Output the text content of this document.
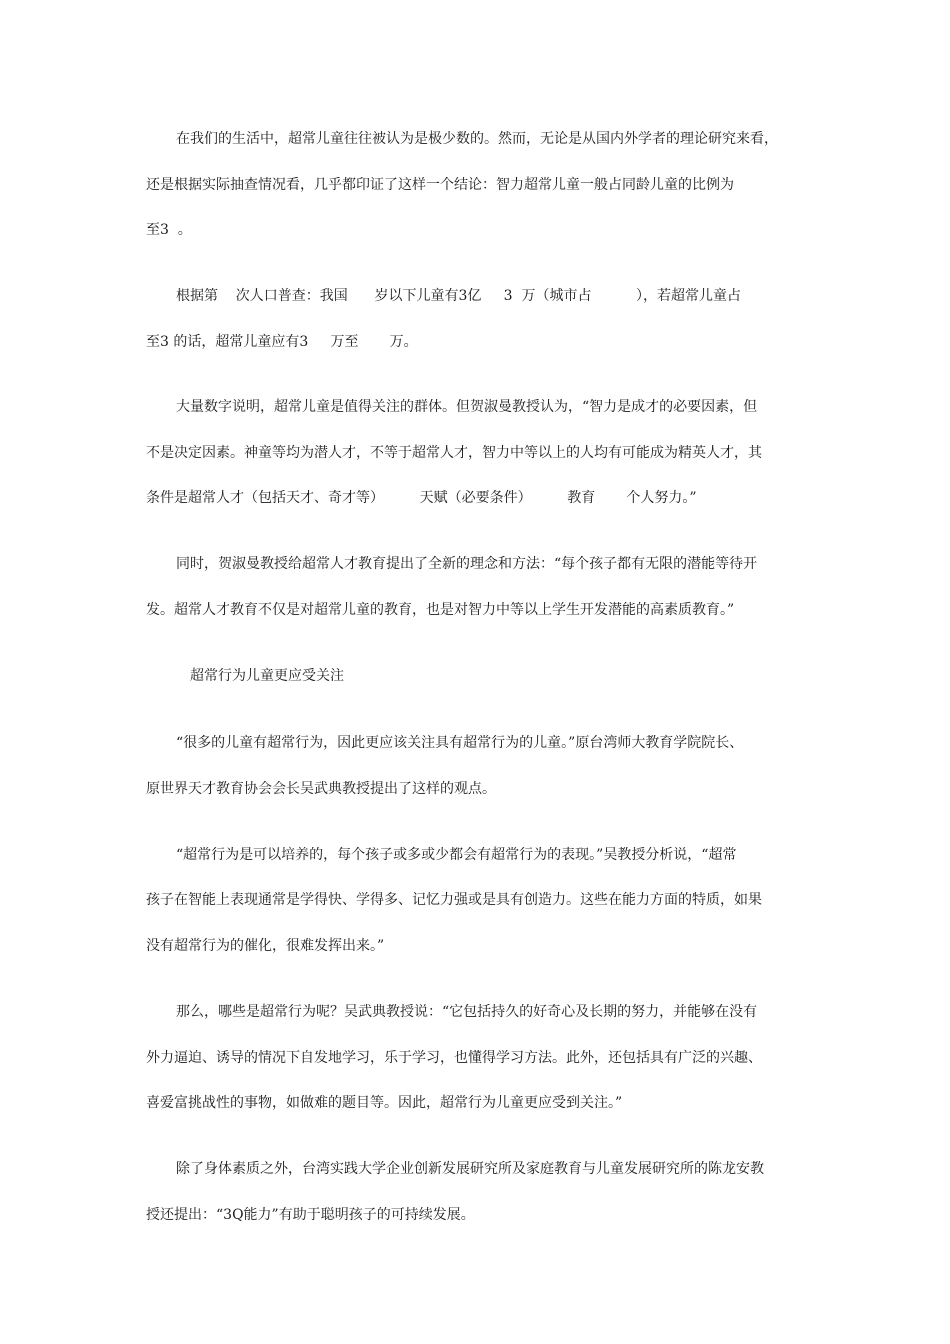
在我们的生活中，超常儿童往往被认为是极少数的。然而，无论是从国内外学者的理论研究来看，
还是根据实际抽查情况看，几乎都印证了这样一个结论：智力超常儿童一般占同龄儿童的比例为
至3  。
根据第    次人口普查：我国      岁以下儿童有3亿     3  万（城市占          ），若超常儿童占
至3 的话，超常儿童应有3     万至       万。
大量数字说明，超常儿童是值得关注的群体。但贺淑曼教授认为，“智力是成才的必要因素，但
不是决定因素。神童等均为潜人才，不等于超常人才，智力中等以上的人均有可能成为精英人才，其
条件是超常人才（包括天才、奇才等）        天赋（必要条件）        教育       个人努力。”
同时，贺淑曼教授给超常人才教育提出了全新的理念和方法：“每个孩子都有无限的潜能等待开
发。超常人才教育不仅是对超常儿童的教育，也是对智力中等以上学生开发潜能的高素质教育。”
超常行为儿童更应受关注
“很多的儿童有超常行为，因此更应该关注具有超常行为的儿童。”原台湾师大教育学院院长、
原世界天才教育协会会长吴武典教授提出了这样的观点。
“超常行为是可以培养的，每个孩子或多或少都会有超常行为的表现。”吴教授分析说，“超常
孩子在智能上表现通常是学得快、学得多、记忆力强或是具有创造力。这些在能力方面的特质，如果
没有超常行为的催化，很难发挥出来。”
那么，哪些是超常行为呢？吴武典教授说：“它包括持久的好奇心及长期的努力，并能够在没有
外力逼迫、诱导的情况下自发地学习，乐于学习，也懂得学习方法。此外，还包括具有广泛的兴趣、
喜爱富挑战性的事物，如做难的题目等。因此，超常行为儿童更应受到关注。”
除了身体素质之外，台湾实践大学企业创新发展研究所及家庭教育与儿童发展研究所的陈龙安教
授还提出：“3Q能力”有助于聪明孩子的可持续发展。
